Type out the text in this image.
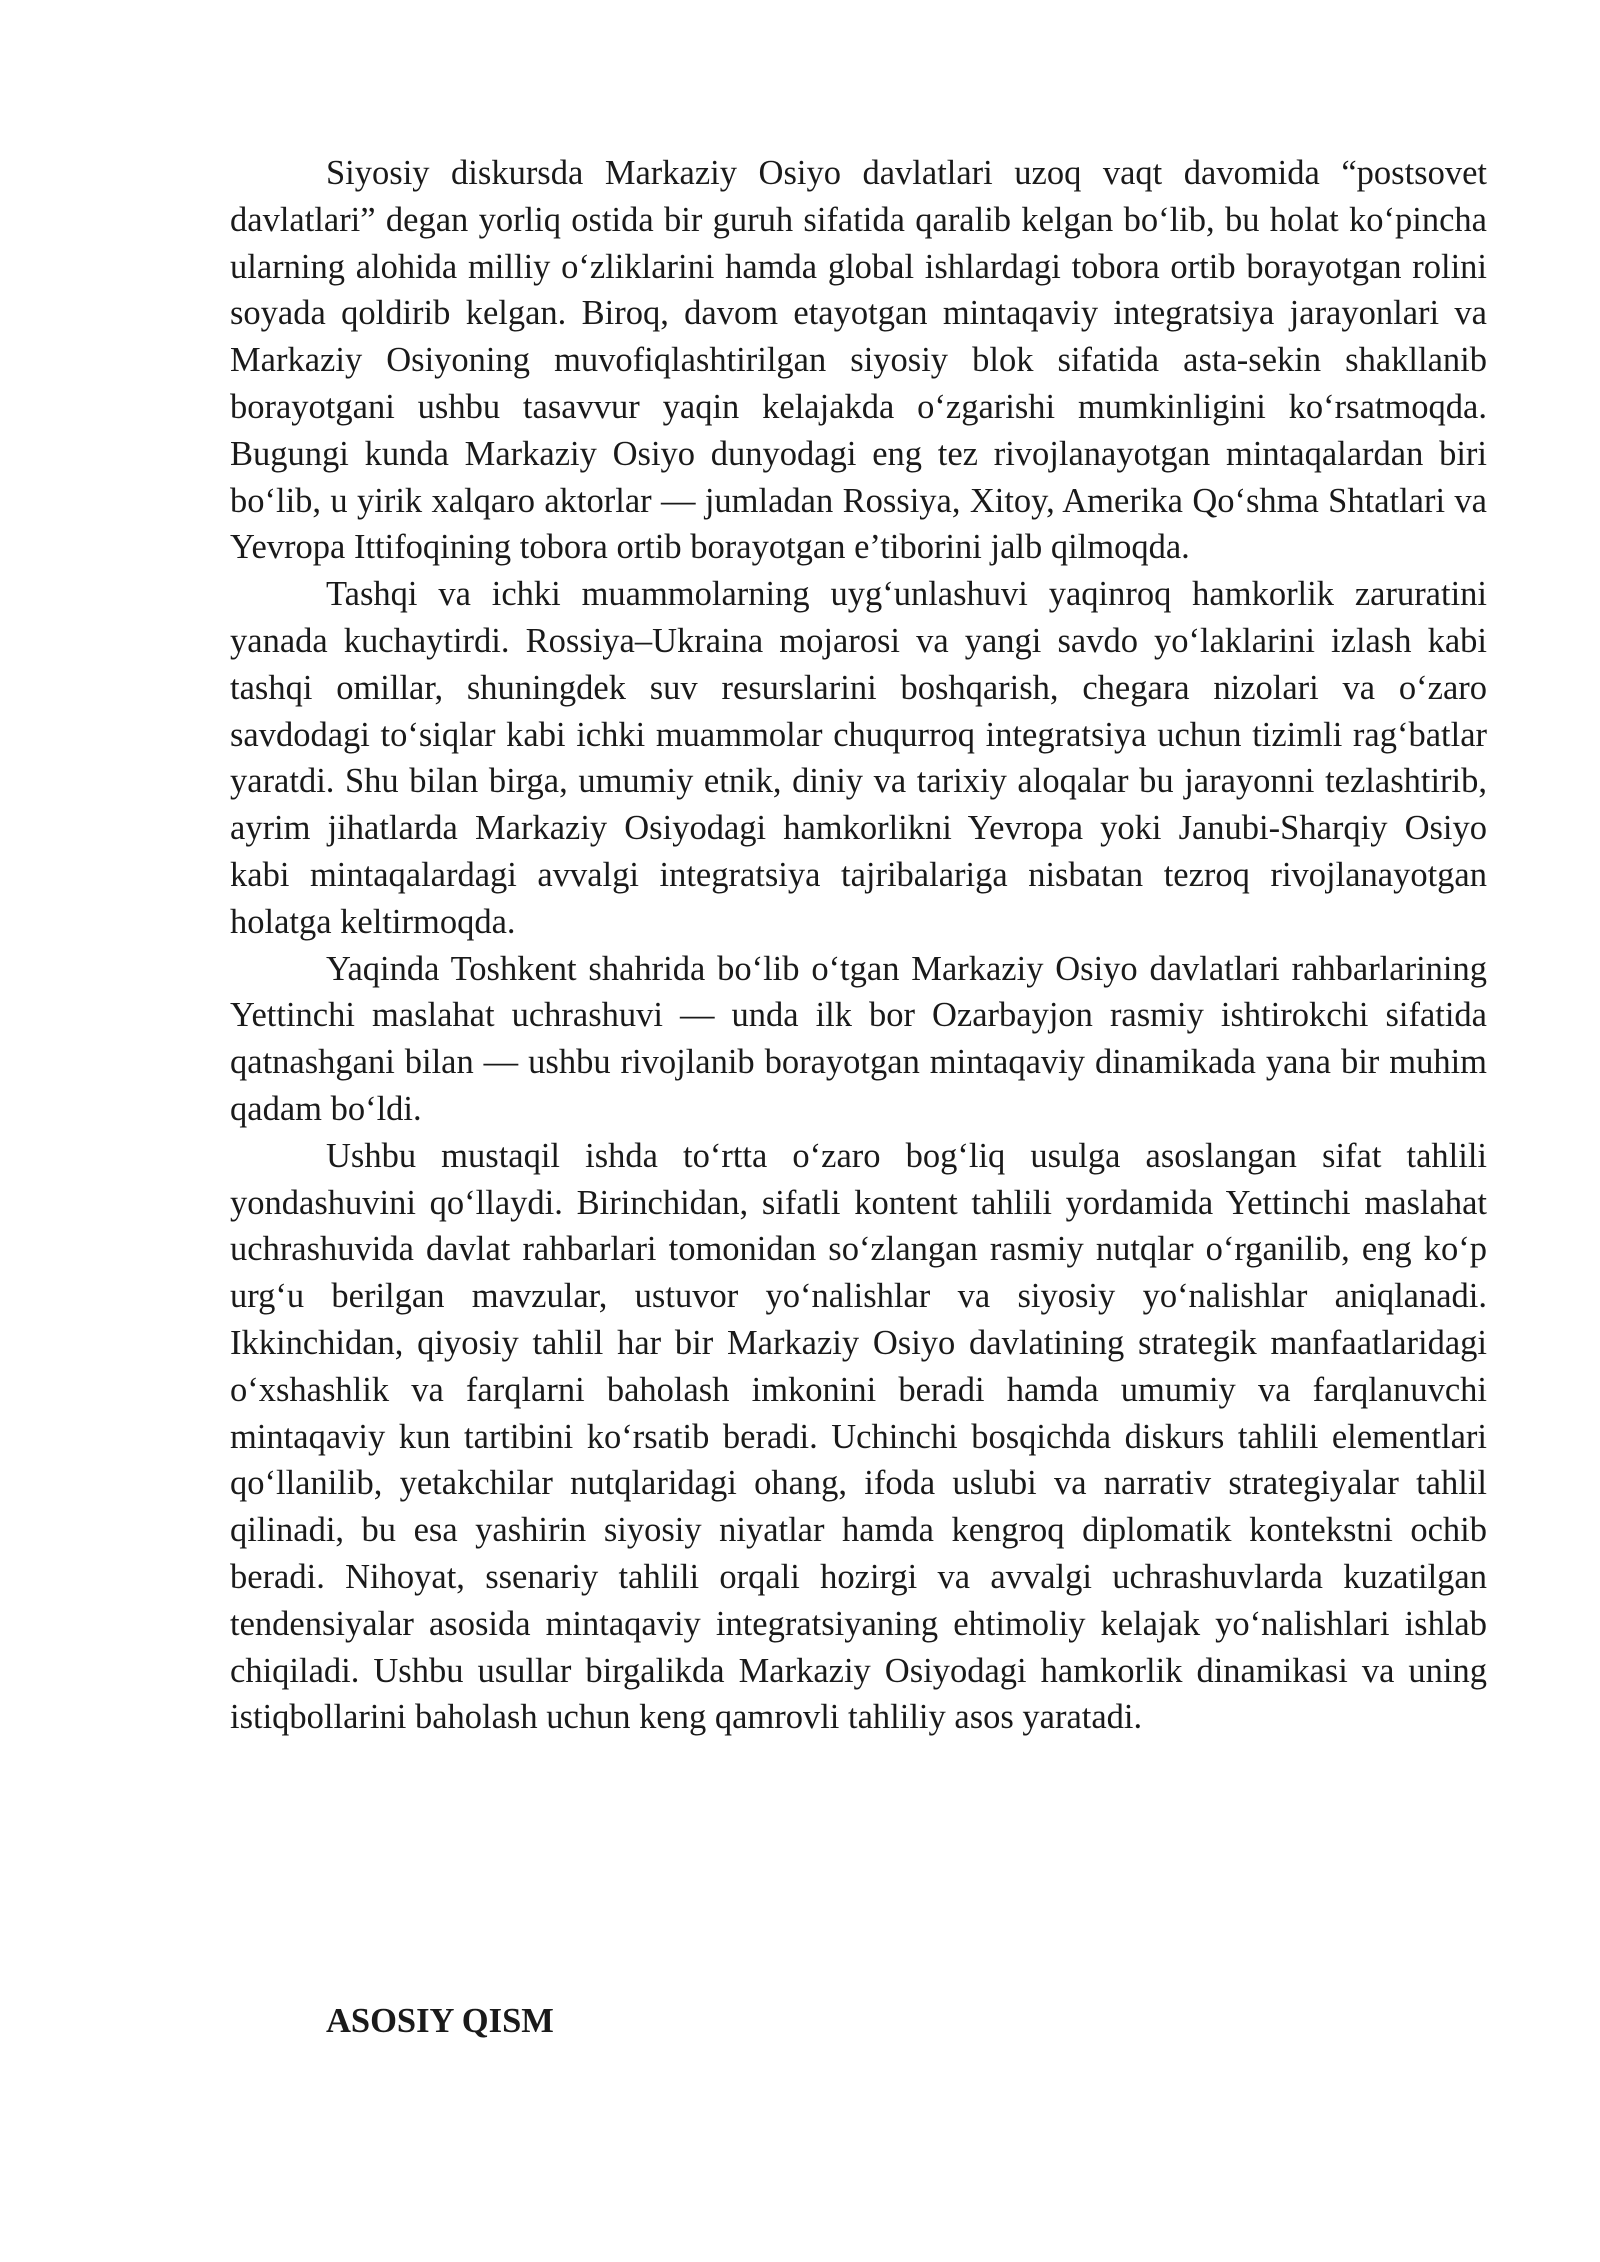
Siyosiy diskursda Markaziy Osiyo davlatlari uzoq vaqt davomida “postsovet davlatlari” degan yorliq ostida bir guruh sifatida qaralib kelgan bo‘lib, bu holat ko‘pincha ularning alohida milliy o‘zliklarini hamda global ishlardagi tobora ortib borayotgan rolini soyada qoldirib kelgan. Biroq, davom etayotgan mintaqaviy integratsiya jarayonlari va Markaziy Osiyoning muvofiqlashtirilgan siyosiy blok sifatida asta-sekin shakllanib borayotgani ushbu tasavvur yaqin kelajakda o‘zgarishi mumkinligini ko‘rsatmoqda. Bugungi kunda Markaziy Osiyo dunyodagi eng tez rivojlanayotgan mintaqalardan biri bo‘lib, u yirik xalqaro aktorlar — jumladan Rossiya, Xitoy, Amerika Qo‘shma Shtatlari va Yevropa Ittifoqining tobora ortib borayotgan e’tiborini jalb qilmoqda.

Tashqi va ichki muammolarning uyg‘unlashuvi yaqinroq hamkorlik zaruratini yanada kuchaytirdi. Rossiya–Ukraina mojarosi va yangi savdo yo‘laklarini izlash kabi tashqi omillar, shuningdek suv resurslarini boshqarish, chegara nizolari va o‘zaro savdodagi to‘siqlar kabi ichki muammolar chuqurroq integratsiya uchun tizimli rag‘batlar yaratdi. Shu bilan birga, umumiy etnik, diniy va tarixiy aloqalar bu jarayonni tezlashtirib, ayrim jihatlarda Markaziy Osiyodagi hamkorlikni Yevropa yoki Janubi-Sharqiy Osiyo kabi mintaqalardagi avvalgi integratsiya tajribalariga nisbatan tezroq rivojlanayotgan holatga keltirmoqda.

Yaqinda Toshkent shahrida bo‘lib o‘tgan Markaziy Osiyo davlatlari rahbarlarining Yettinchi maslahat uchrashuvi — unda ilk bor Ozarbayjon rasmiy ishtirokchi sifatida qatnashgani bilan — ushbu rivojlanib borayotgan mintaqaviy dinamikada yana bir muhim qadam bo‘ldi.

Ushbu mustaqil ishda to‘rtta o‘zaro bog‘liq usulga asoslangan sifat tahlili yondashuvini qo‘llaydi. Birinchidan, sifatli kontent tahlili yordamida Yettinchi maslahat uchrashuvida davlat rahbarlari tomonidan so‘zlangan rasmiy nutqlar o‘rganilib, eng ko‘p urg‘u berilgan mavzular, ustuvor yo‘nalishlar va siyosiy yo‘nalishlar aniqlanadi. Ikkinchidan, qiyosiy tahlil har bir Markaziy Osiyo davlatining strategik manfaatlaridagi o‘xshashlik va farqlarni baholash imkonini beradi hamda umumiy va farqlanuvchi mintaqaviy kun tartibini ko‘rsatib beradi. Uchinchi bosqichda diskurs tahlili elementlari qo‘llanilib, yetakchilar nutqlaridagi ohang, ifoda uslubi va narrativ strategiyalar tahlil qilinadi, bu esa yashirin siyosiy niyatlar hamda kengroq diplomatik kontekstni ochib beradi. Nihoyat, ssenariy tahlili orqali hozirgi va avvalgi uchrashuvlarda kuzatilgan tendensiyalar asosida mintaqaviy integratsiyaning ehtimoliy kelajak yo‘nalishlari ishlab chiqiladi. Ushbu usullar birgalikda Markaziy Osiyodagi hamkorlik dinamikasi va uning istiqbollarini baholash uchun keng qamrovli tahliliy asos yaratadi.

ASOSIY QISM
